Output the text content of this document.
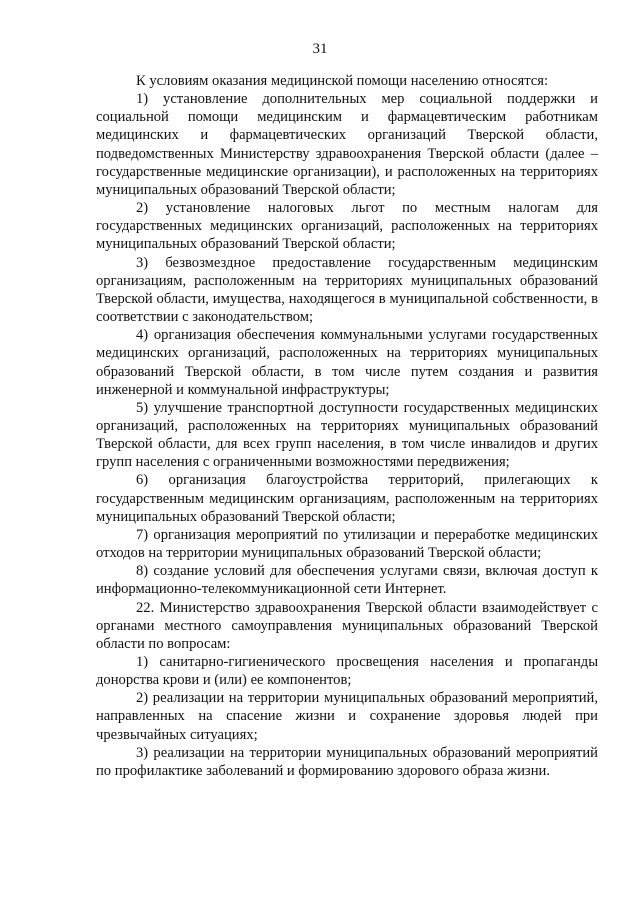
31

К условиям оказания медицинской помощи населению относятся:

1) установление дополнительных мер социальной поддержки и социальной помощи медицинским и фармацевтическим работникам медицинских и фармацевтических организаций Тверской области, подведомственных Министерству здравоохранения Тверской области (далее – государственные медицинские организации), и расположенных на территориях муниципальных образований Тверской области;

2) установление налоговых льгот по местным налогам для государственных медицинских организаций, расположенных на территориях муниципальных образований Тверской области;

3) безвозмездное предоставление государственным медицинским организациям, расположенным на территориях муниципальных образований Тверской области, имущества, находящегося в муниципальной собственности, в соответствии с законодательством;

4) организация обеспечения коммунальными услугами государственных медицинских организаций, расположенных на территориях муниципальных образований Тверской области, в том числе путем создания и развития инженерной и коммунальной инфраструктуры;

5) улучшение транспортной доступности государственных медицинских организаций, расположенных на территориях муниципальных образований Тверской области, для всех групп населения, в том числе инвалидов и других групп населения с ограниченными возможностями передвижения;

6) организация благоустройства территорий, прилегающих к государственным медицинским организациям, расположенным на территориях муниципальных образований Тверской области;

7) организация мероприятий по утилизации и переработке медицинских отходов на территории муниципальных образований Тверской области;

8) создание условий для обеспечения услугами связи, включая доступ к информационно-телекоммуникационной сети Интернет.

22. Министерство здравоохранения Тверской области взаимодействует с органами местного самоуправления муниципальных образований Тверской области по вопросам:

1) санитарно-гигиенического просвещения населения и пропаганды донорства крови и (или) ее компонентов;

2) реализации на территории муниципальных образований мероприятий, направленных на спасение жизни и сохранение здоровья людей при чрезвычайных ситуациях;

3) реализации на территории муниципальных образований мероприятий по профилактике заболеваний и формированию здорового образа жизни.
